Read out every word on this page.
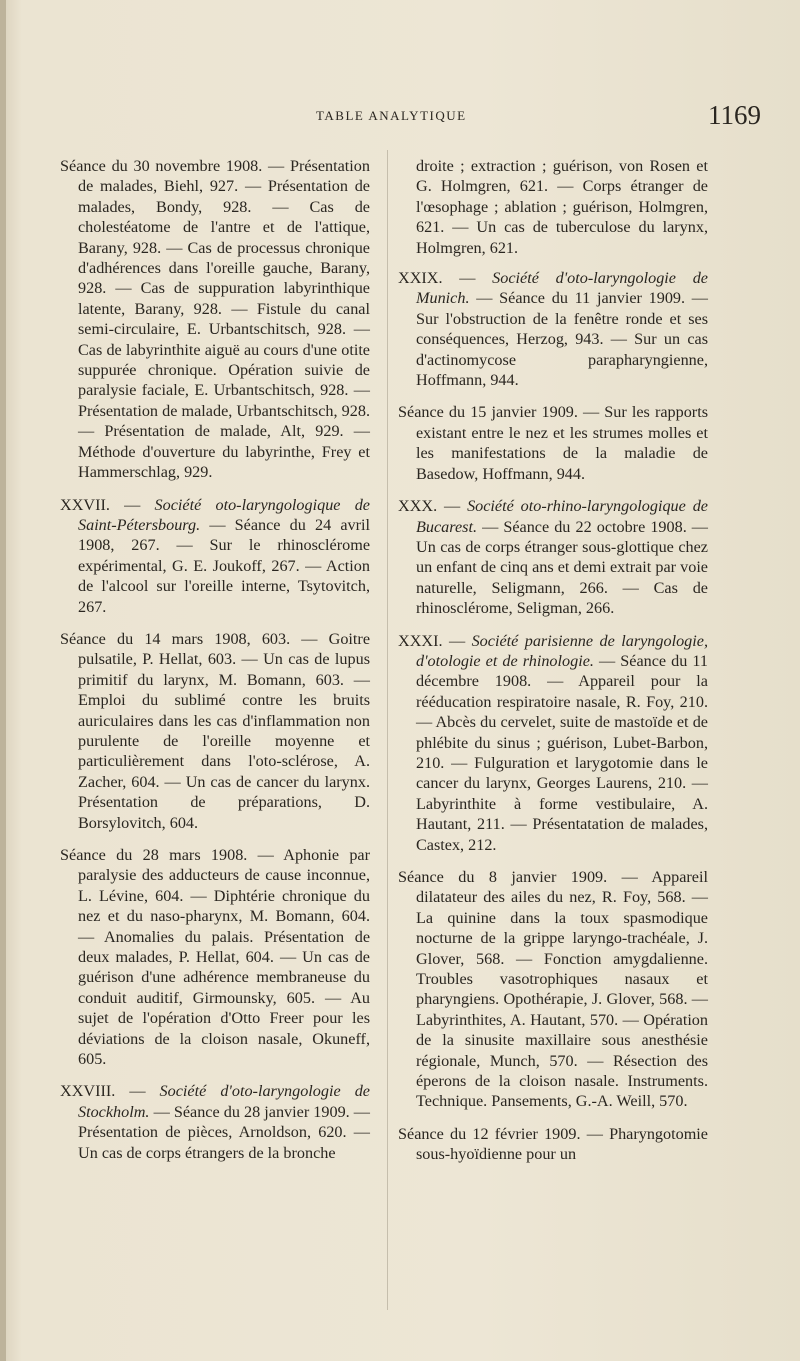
TABLE ANALYTIQUE	1169

Séance du 30 novembre 1908. — Présentation de malades, Biehl, 927. — Présentation de malades, Bondy, 928. — Cas de cholestéatome de l'antre et de l'attique, Barany, 928. — Cas de processus chronique d'adhérences dans l'oreille gauche, Barany, 928. — Cas de suppuration labyrinthique latente, Barany, 928. — Fistule du canal semi-circulaire, E. Urbantschitsch, 928. — Cas de labyrinthite aiguë au cours d'une otite suppurée chronique. Opération suivie de paralysie faciale, E. Urbantschitsch, 928. — Présentation de malade, Urbantschitsch, 928. — Présentation de malade, Alt, 929. — Méthode d'ouverture du labyrinthe, Frey et Hammerschlag, 929.

XXVII. — Société oto-laryngologique de Saint-Pétersbourg. — Séance du 24 avril 1908, 267. — Sur le rhinosclérome expérimental, G. E. Joukoff, 267. — Action de l'alcool sur l'oreille interne, Tsytovitch, 267.

Séance du 14 mars 1908, 603. — Goitre pulsatile, P. Hellat, 603. — Un cas de lupus primitif du larynx, M. Bomann, 603. — Emploi du sublimé contre les bruits auriculaires dans les cas d'inflammation non purulente de l'oreille moyenne et particulièrement dans l'oto-sclérose, A. Zacher, 604. — Un cas de cancer du larynx. Présentation de préparations, D. Borsylovitch, 604.

Séance du 28 mars 1908. — Aphonie par paralysie des adducteurs de cause inconnue, L. Lévine, 604. — Diphtérie chronique du nez et du naso-pharynx, M. Bomann, 604. — Anomalies du palais. Présentation de deux malades, P. Hellat, 604. — Un cas de guérison d'une adhérence membraneuse du conduit auditif, Girmounsky, 605. — Au sujet de l'opération d'Otto Freer pour les déviations de la cloison nasale, Okuneff, 605.

XXVIII. — Société d'oto-laryngologie de Stockholm. — Séance du 28 janvier 1909. — Présentation de pièces, Arnoldson, 620. — Un cas de corps étrangers de la bronche

droite ; extraction ; guérison, von Rosen et G. Holmgren, 621. — Corps étranger de l'œsophage ; ablation ; guérison, Holmgren, 621. — Un cas de tuberculose du larynx, Holmgren, 621.

XXIX. — Société d'oto-laryngologie de Munich. — Séance du 11 janvier 1909. — Sur l'obstruction de la fenêtre ronde et ses conséquences, Herzog, 943. — Sur un cas d'actinomycose parapharyngienne, Hoffmann, 944.

Séance du 15 janvier 1909. — Sur les rapports existant entre le nez et les strumes molles et les manifestations de la maladie de Basedow, Hoffmann, 944.

XXX. — Société oto-rhino-laryngologique de Bucarest. — Séance du 22 octobre 1908. — Un cas de corps étranger sous-glottique chez un enfant de cinq ans et demi extrait par voie naturelle, Seligmann, 266. — Cas de rhinosclérome, Seligman, 266.

XXXI. — Société parisienne de laryngologie, d'otologie et de rhinologie. — Séance du 11 décembre 1908. — Appareil pour la rééducation respiratoire nasale, R. Foy, 210. — Abcès du cervelet, suite de mastoïde et de phlébite du sinus ; guérison, Lubet-Barbon, 210. — Fulguration et larygotomie dans le cancer du larynx, Georges Laurens, 210. — Labyrinthite à forme vestibulaire, A. Hautant, 211. — Présentatation de malades, Castex, 212.

Séance du 8 janvier 1909. — Appareil dilatateur des ailes du nez, R. Foy, 568. — La quinine dans la toux spasmodique nocturne de la grippe laryngo-trachéale, J. Glover, 568. — Fonction amygdalienne. Troubles vasotrophiques nasaux et pharyngiens. Opothérapie, J. Glover, 568. — Labyrinthites, A. Hautant, 570. — Opération de la sinusite maxillaire sous anesthésie régionale, Munch, 570. — Résection des éperons de la cloison nasale. Instruments. Technique. Pansements, G.-A. Weill, 570.

Séance du 12 février 1909. — Pharyngotomie sous-hyoïdienne pour un
